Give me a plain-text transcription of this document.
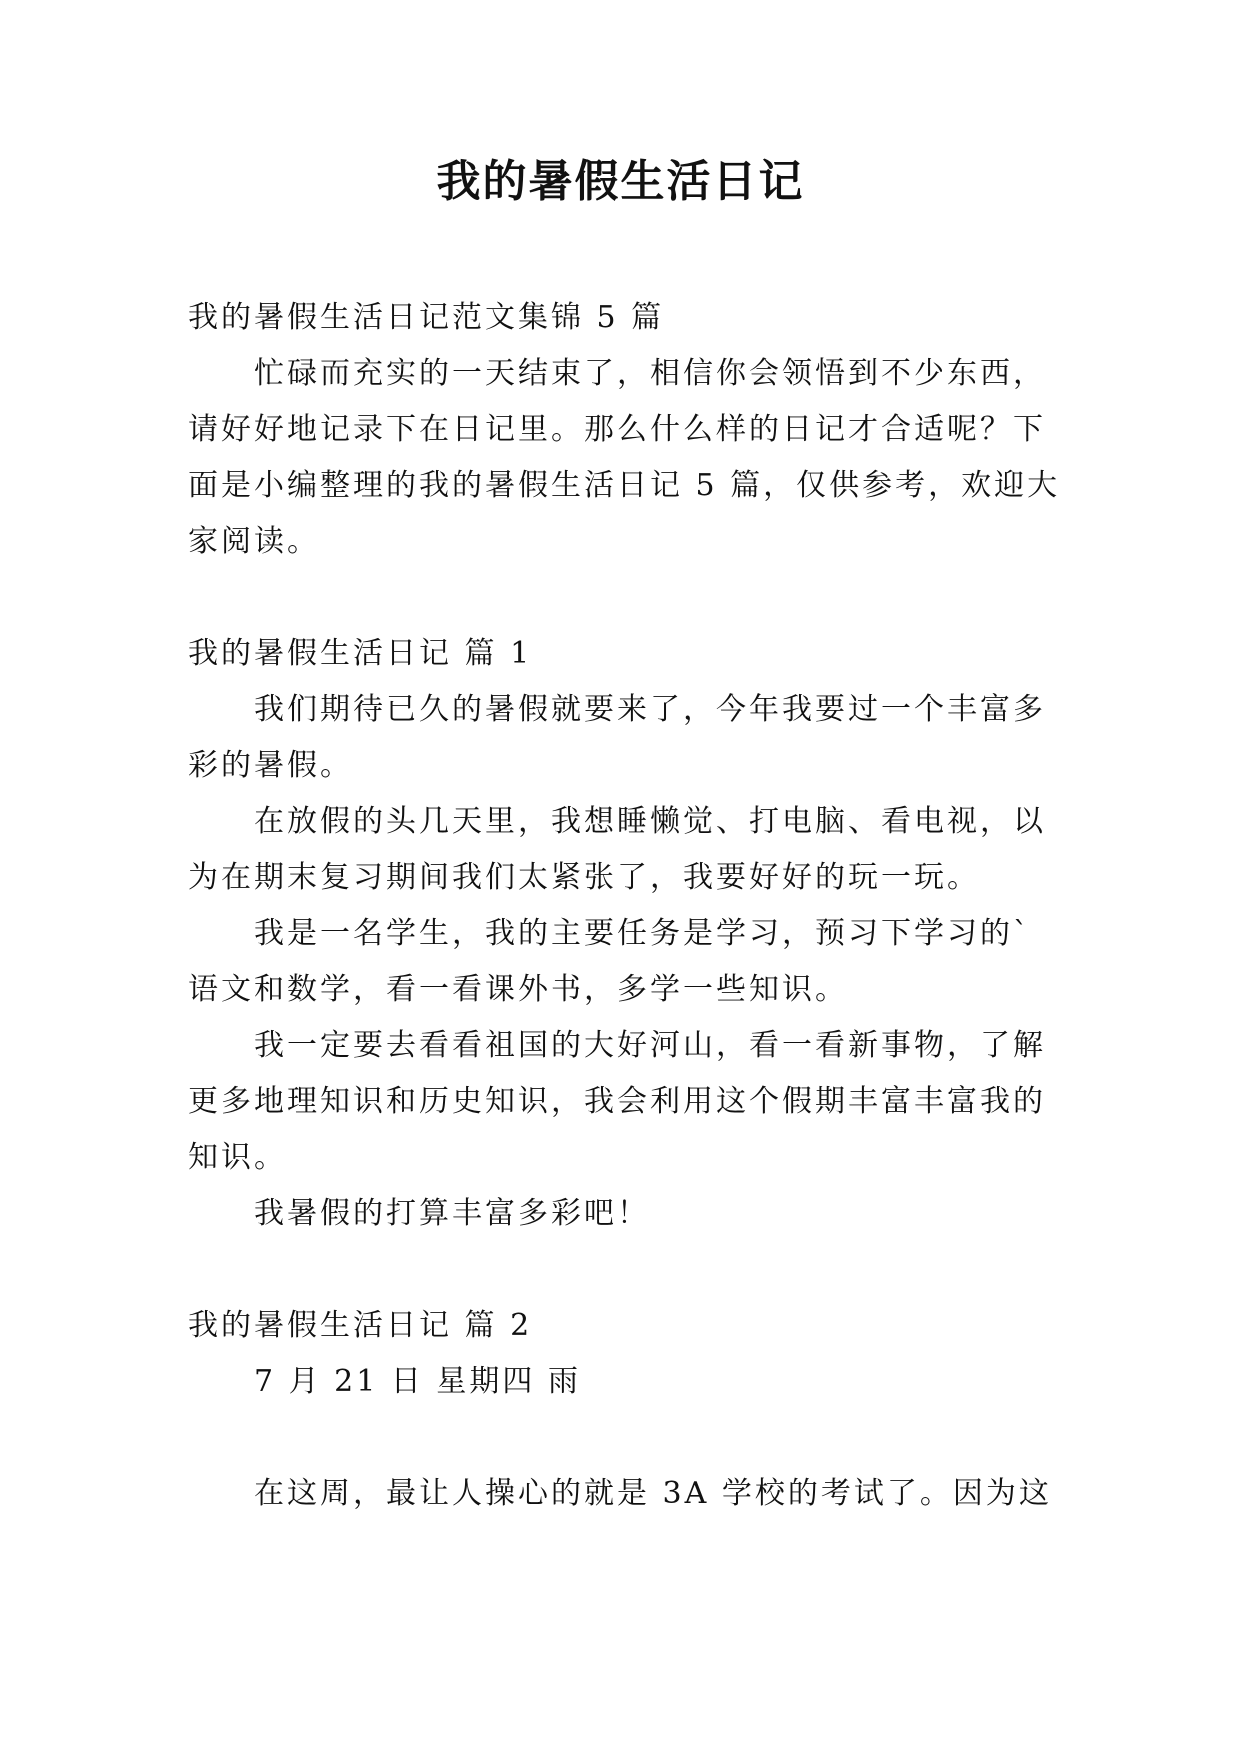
我的暑假生活日记
我的暑假生活日记范文集锦 5 篇
忙碌而充实的一天结束了，相信你会领悟到不少东西，
请好好地记录下在日记里。那么什么样的日记才合适呢？下
面是小编整理的我的暑假生活日记 5 篇，仅供参考，欢迎大
家阅读。
我的暑假生活日记 篇 1
我们期待已久的暑假就要来了，今年我要过一个丰富多
彩的暑假。
在放假的头几天里，我想睡懒觉、打电脑、看电视，以
为在期末复习期间我们太紧张了，我要好好的玩一玩。
我是一名学生，我的主要任务是学习，预习下学习的`
语文和数学，看一看课外书，多学一些知识。
我一定要去看看祖国的大好河山，看一看新事物，了解
更多地理知识和历史知识，我会利用这个假期丰富丰富我的
知识。
我暑假的打算丰富多彩吧！
我的暑假生活日记 篇 2
7 月 21 日 星期四 雨
在这周，最让人操心的就是 3A 学校的考试了。因为这
